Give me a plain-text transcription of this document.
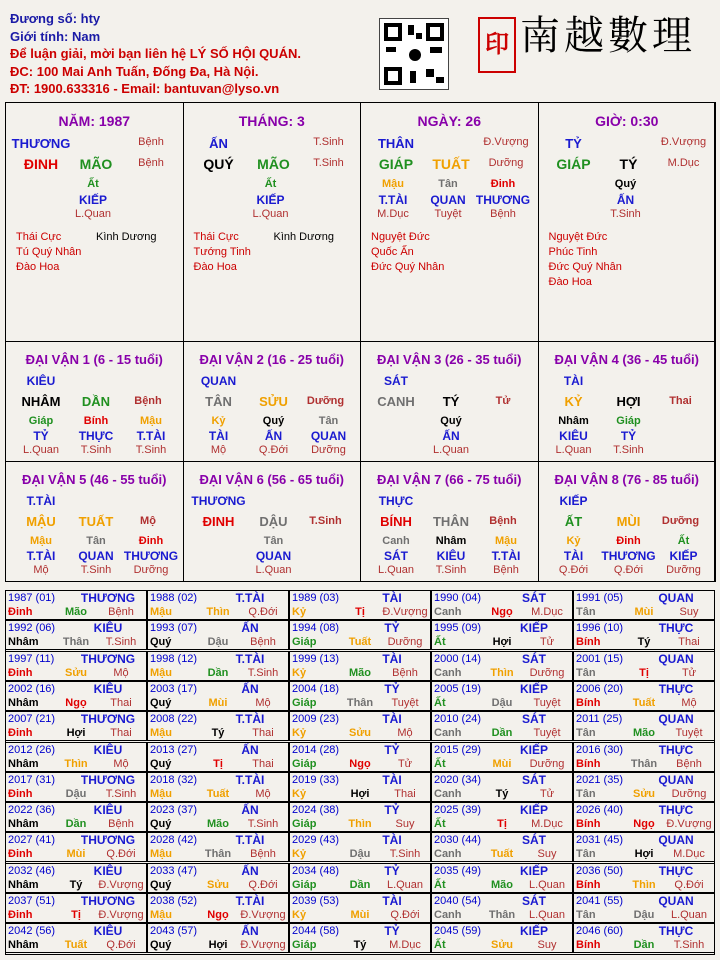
Đương số: hty
Giới tính: Nam
Để luận giải, mời bạn liên hệ LÝ SỐ HỘI QUÁN.
ĐC: 100 Mai Anh Tuấn, Đống Đa, Hà Nội.
ĐT: 1900.633316 - Email: bantuvan@lyso.vn
印 南越數理
NĂM: 1987
THƯƠNG	Bệnh
ĐINH	MÃO	Bệnh
Ất
KIẾP
L.Quan
Thái Cực
Tú Quý Nhân
Đào Hoa
Kình Dương
THÁNG: 3
ẤN	T.Sinh
QUÝ	MÃO	T.Sinh
Ất
KIẾP
L.Quan
Thái Cực
Tướng Tinh
Đào Hoa
Kình Dương
NGÀY: 26
THÂN	Đ.Vượng
GIÁP	TUẤT	Dưỡng
Mậu
T.TÀI
M.Dục
Tân
QUAN
Tuyệt
Đinh
THƯƠNG
Bệnh
Nguyệt Đức
Quốc Ấn
Đức Quý Nhân
GIỜ: 0:30
TỶ	Đ.Vượng
GIÁP	TÝ	M.Dục
Quý
ẤN
T.Sinh
Nguyệt Đức
Phúc Tinh
Đức Quý Nhân
Đào Hoa
ĐẠI VẬN 1 (6 - 15 tuổi)
KIÊU
NHÂM	DẦN	Bệnh
Giáp
TỶ
L.Quan
Bính
THỰC
T.Sinh
Mậu
T.TÀI
T.Sinh
ĐẠI VẬN 2 (16 - 25 tuổi)
QUAN
TÂN	SỬU	Dưỡng
Kỷ
TÀI
Mộ
Quý
ẤN
Q.Đới
Tân
QUAN
Dưỡng
ĐẠI VẬN 3 (26 - 35 tuổi)
SÁT
CANH	TÝ	Tử
Quý
ẤN
L.Quan
ĐẠI VẬN 4 (36 - 45 tuổi)
TÀI
KỶ	HỢI	Thai
Nhâm
KIÊU
L.Quan
Giáp
TỶ
T.Sinh
ĐẠI VẬN 5 (46 - 55 tuổi)
T.TÀI
MẬU	TUẤT	Mộ
Mậu
T.TÀI
Mộ
Tân
QUAN
T.Sinh
Đinh
THƯƠNG
Dưỡng
ĐẠI VẬN 6 (56 - 65 tuổi)
THƯƠNG
ĐINH	DẬU	T.Sinh
Tân
QUAN
L.Quan
ĐẠI VẬN 7 (66 - 75 tuổi)
THỰC
BÍNH	THÂN	Bệnh
Canh
SÁT
L.Quan
Nhâm
KIÊU
T.Sinh
Mậu
T.TÀI
Bệnh
ĐẠI VẬN 8 (76 - 85 tuổi)
KIẾP
ẤT	MÙI	Dưỡng
Kỷ
TÀI
Q.Đới
Đinh
THƯƠNG
Q.Đới
Ất
KIẾP
Dưỡng
1987 (01) THƯƠNG
Đinh	Mão	Bệnh
1988 (02)	T.TÀI
Mậu	Thìn	Q.Đới
1989 (03)	TÀI
Kỷ	Tị	Đ.Vượng
1990 (04)	SÁT
Canh	Ngọ	M.Dục
1991 (05)	QUAN
Tân	Mùi	Suy
1992 (06)	KIÊU
Nhâm	Thân	T.Sinh
1993 (07)	ẤN
Quý	Dậu	Bệnh
1994 (08)	TỶ
Giáp	Tuất	Dưỡng
1995 (09)	KIẾP
Ất	Hợi	Tử
1996 (10)	THỰC
Bính	Tý	Thai
1997 (11) THƯƠNG
Đinh	Sửu	Mộ
1998 (12)	T.TÀI
Mậu	Dần	T.Sinh
1999 (13)	TÀI
Kỷ	Mão	Bệnh
2000 (14)	SÁT
Canh	Thìn	Dưỡng
2001 (15)	QUAN
Tân	Tị	Tử
2002 (16)	KIÊU
Nhâm	Ngọ	Thai
2003 (17)	ẤN
Quý	Mùi	Mộ
2004 (18)	TỶ
Giáp	Thân	Tuyệt
2005 (19)	KIẾP
Ất	Dậu	Tuyệt
2006 (20)	THỰC
Bính	Tuất	Mộ
2007 (21) THƯƠNG
Đinh	Hợi	Thai
2008 (22)	T.TÀI
Mậu	Tý	Thai
2009 (23)	TÀI
Kỷ	Sửu	Mộ
2010 (24)	SÁT
Canh	Dần	Tuyệt
2011 (25)	QUAN
Tân	Mão	Tuyệt
2012 (26)	KIÊU
Nhâm	Thìn	Mộ
2013 (27)	ẤN
Quý	Tị	Thai
2014 (28)	TỶ
Giáp	Ngọ	Tử
2015 (29)	KIẾP
Ất	Mùi	Dưỡng
2016 (30)	THỰC
Bính	Thân	Bệnh
2017 (31) THƯƠNG
Đinh	Dậu	T.Sinh
2018 (32)	T.TÀI
Mậu	Tuất	Mộ
2019 (33)	TÀI
Kỷ	Hợi	Thai
2020 (34)	SÁT
Canh	Tý	Tử
2021 (35)	QUAN
Tân	Sửu	Dưỡng
2022 (36)	KIÊU
Nhâm	Dần	Bệnh
2023 (37)	ẤN
Quý	Mão	T.Sinh
2024 (38)	TỶ
Giáp	Thìn	Suy
2025 (39)	KIẾP
Ất	Tị	M.Dục
2026 (40)	THỰC
Bính	Ngọ	Đ.Vượng
2027 (41) THƯƠNG
Đinh	Mùi	Q.Đới
2028 (42)	T.TÀI
Mậu	Thân	Bệnh
2029 (43)	TÀI
Kỷ	Dậu	T.Sinh
2030 (44)	SÁT
Canh	Tuất	Suy
2031 (45)	QUAN
Tân	Hợi	M.Dục
2032 (46)	KIÊU
Nhâm	Tý	Đ.Vượng
2033 (47)	ẤN
Quý	Sửu	Q.Đới
2034 (48)	TỶ
Giáp	Dần	L.Quan
2035 (49)	KIẾP
Ất	Mão	L.Quan
2036 (50)	THỰC
Bính	Thìn	Q.Đới
2037 (51) THƯƠNG
Đinh	Tị	Đ.Vượng
2038 (52)	T.TÀI
Mậu	Ngọ	Đ.Vượng
2039 (53)	TÀI
Kỷ	Mùi	Q.Đới
2040 (54)	SÁT
Canh	Thân	L.Quan
2041 (55)	QUAN
Tân	Dậu	L.Quan
2042 (56)	KIÊU
Nhâm	Tuất	Q.Đới
2043 (57)	ẤN
Quý	Hợi	Đ.Vượng
2044 (58)	TỶ
Giáp	Tý	M.Dục
2045 (59)	KIẾP
Ất	Sửu	Suy
2046 (60)	THỰC
Bính	Dần	T.Sinh
